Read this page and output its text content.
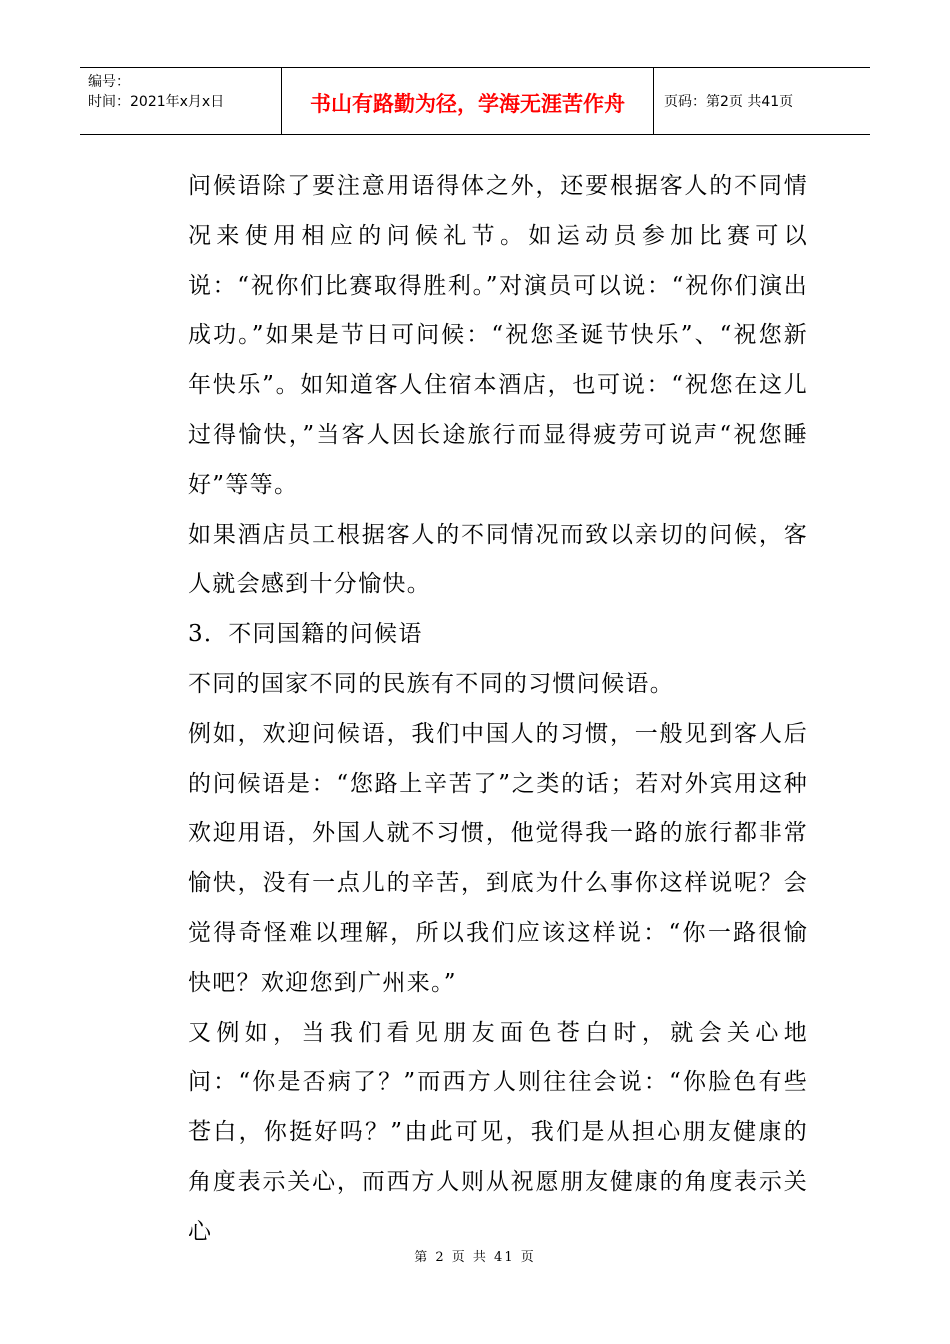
编号：
时间：2021年x月x日	书山有路勤为径，学海无涯苦作舟	页码：第2页 共41页

问候语除了要注意用语得体之外，还要根据客人的不同情况来使用相应的问候礼节。如运动员参加比赛可以说：“祝你们比赛取得胜利。”对演员可以说：“祝你们演出成功。”如果是节日可问候：“祝您圣诞节快乐”、“祝您新年快乐”。如知道客人住宿本酒店，也可说：“祝您在这儿过得愉快，”当客人因长途旅行而显得疲劳可说声“祝您睡好”等等。

如果酒店员工根据客人的不同情况而致以亲切的问候，客人就会感到十分愉快。

3．不同国籍的问候语

不同的国家不同的民族有不同的习惯问候语。

例如，欢迎问候语，我们中国人的习惯，一般见到客人后的问候语是：“您路上辛苦了”之类的话；若对外宾用这种欢迎用语，外国人就不习惯，他觉得我一路的旅行都非常愉快，没有一点儿的辛苦，到底为什么事你这样说呢？会觉得奇怪难以理解，所以我们应该这样说：“你一路很愉快吧？欢迎您到广州来。”

又例如，当我们看见朋友面色苍白时，就会关心地问：“你是否病了？”而西方人则往往会说：“你脸色有些苍白，你挺好吗？”由此可见，我们是从担心朋友健康的角度表示关心，而西方人则从祝愿朋友健康的角度表示关心

第 2 页 共 41 页
